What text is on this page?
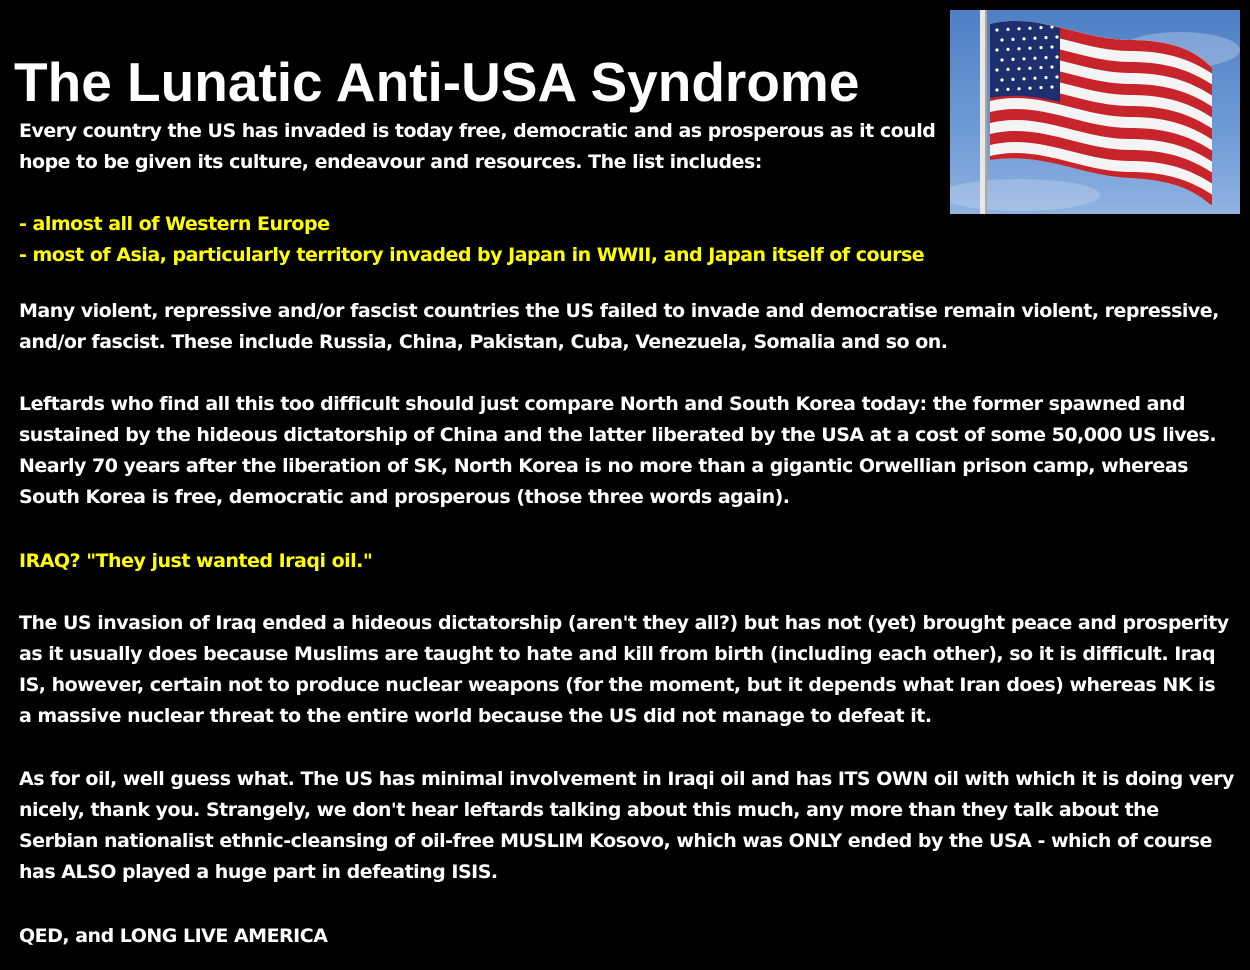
The Lunatic Anti-USA Syndrome
Every country the US has invaded is today free, democratic and as prosperous as it could
hope to be given its culture, endeavour and resources. The list includes:
- almost all of Western Europe
- most of Asia, particularly territory invaded by Japan in WWII, and Japan itself of course
Many violent, repressive and/or fascist countries the US failed to invade and democratise remain violent, repressive,
and/or fascist. These include Russia, China, Pakistan, Cuba, Venezuela, Somalia and so on.
Leftards who find all this too difficult should just compare North and South Korea today: the former spawned and
sustained by the hideous dictatorship of China and the latter liberated by the USA at a cost of some 50,000 US lives.
Nearly 70 years after the liberation of SK, North Korea is no more than a gigantic Orwellian prison camp, whereas
South Korea is free, democratic and prosperous (those three words again).
IRAQ? "They just wanted Iraqi oil."
The US invasion of Iraq ended a hideous dictatorship (aren't they all?) but has not (yet) brought peace and prosperity
as it usually does because Muslims are taught to hate and kill from birth (including each other), so it is difficult. Iraq
IS, however, certain not to produce nuclear weapons (for the moment, but it depends what Iran does) whereas NK is
a massive nuclear threat to the entire world because the US did not manage to defeat it.
As for oil, well guess what. The US has minimal involvement in Iraqi oil and has ITS OWN oil with which it is doing very
nicely, thank you. Strangely, we don't hear leftards talking about this much, any more than they talk about the
Serbian nationalist ethnic-cleansing of oil-free MUSLIM Kosovo, which was ONLY ended by the USA - which of course
has ALSO played a huge part in defeating ISIS.
QED, and LONG LIVE AMERICA
